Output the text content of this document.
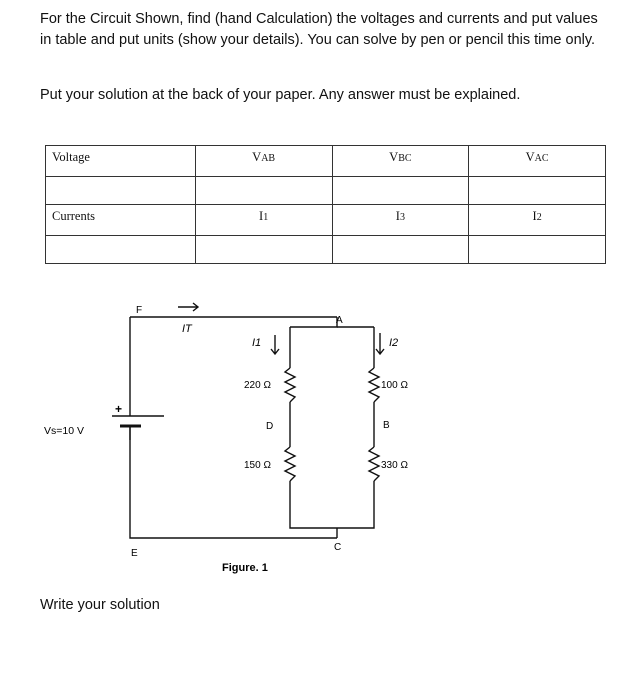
For the Circuit Shown, find (hand Calculation) the voltages and currents and put values in table and put units (show your details). You can solve by pen or pencil this time only.

Put your solution at the back of your paper. Any answer must be explained.

Voltage	VAB	VBC	VAC

Currents	I1	I3	I2

F
E
A
B
C
D
IT
I1	I2
Vs=10 V
+
220 Ω
150 Ω
100 Ω
330 Ω
Figure. 1
Write your solution
